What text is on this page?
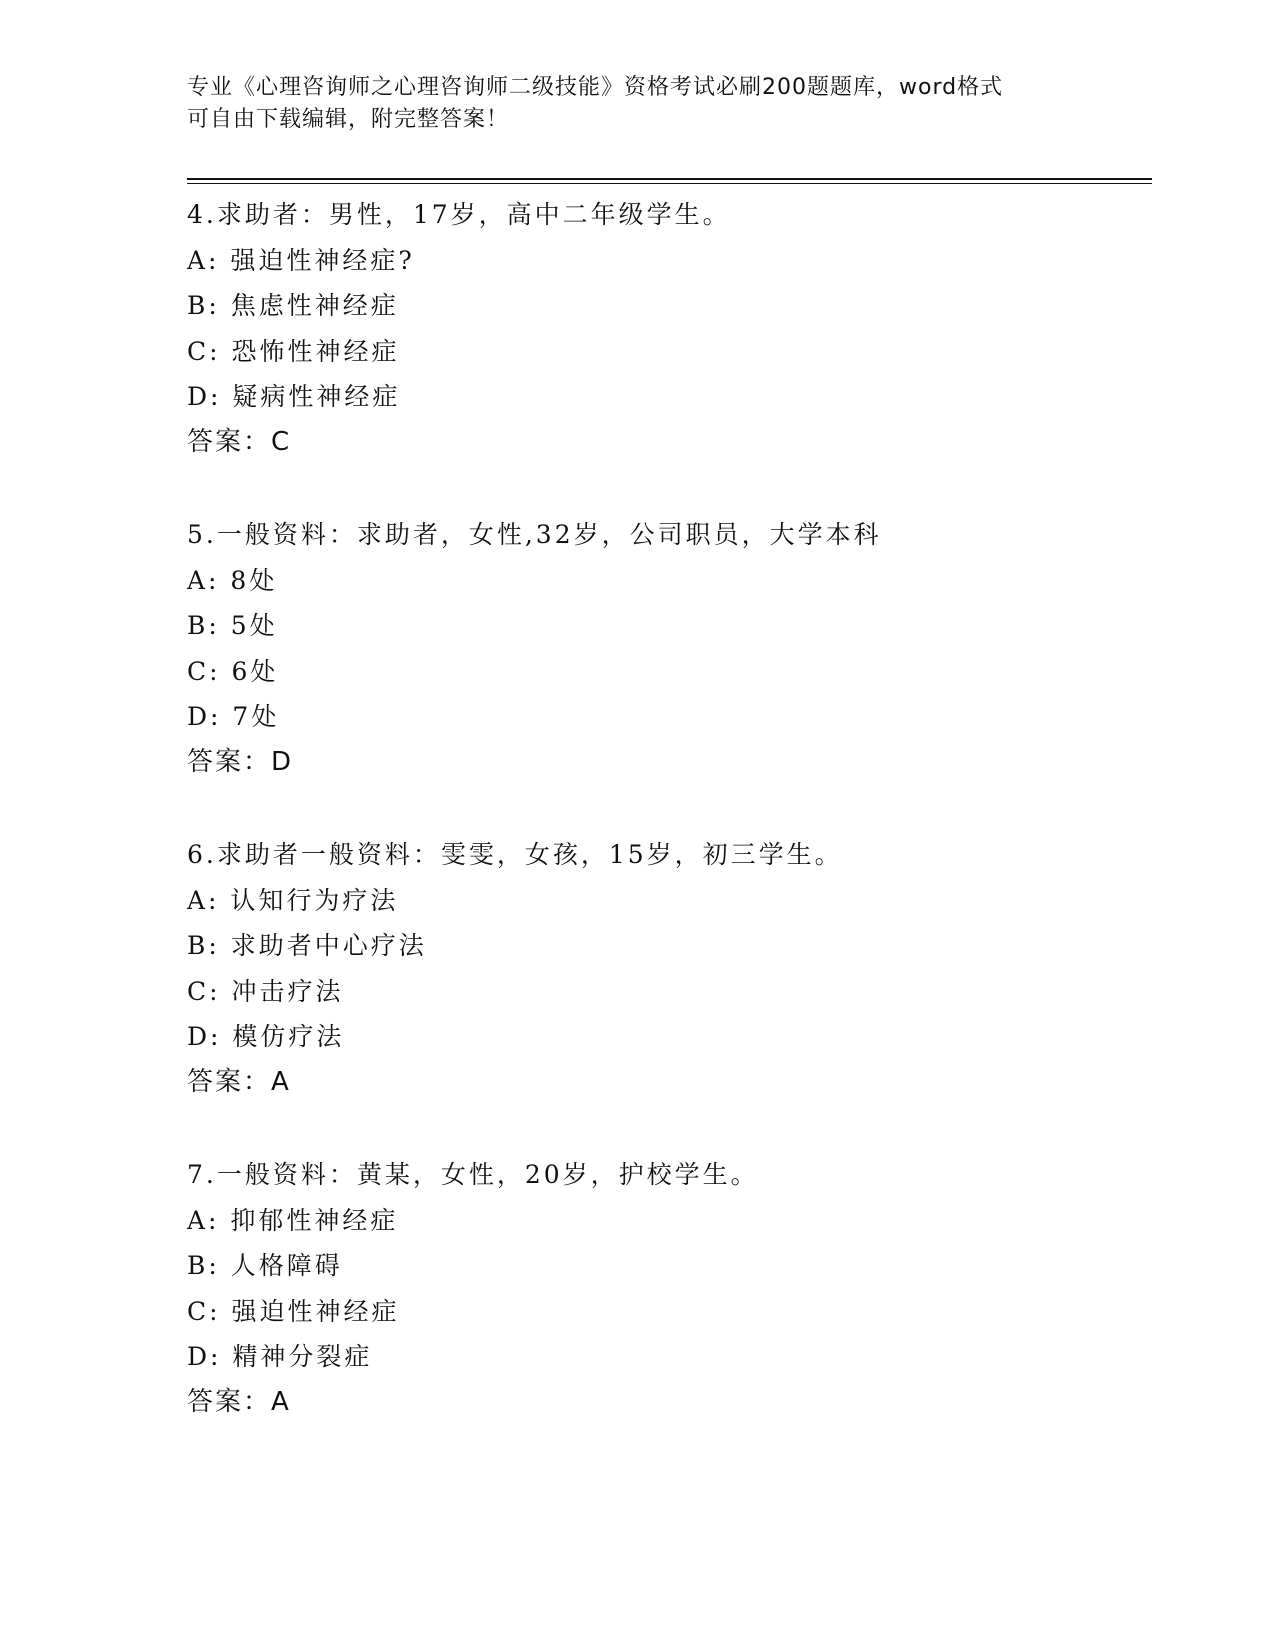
专业《心理咨询师之心理咨询师二级技能》资格考试必刷200题题库，word格式
可自由下载编辑，附完整答案！
4.求助者：男性，17岁，高中二年级学生。
A: 强迫性神经症?
B: 焦虑性神经症
C: 恐怖性神经症
D: 疑病性神经症
答案：C
5.一般资料：求助者，女性,32岁，公司职员，大学本科
A: 8处
B: 5处
C: 6处
D: 7处
答案：D
6.求助者一般资料：雯雯，女孩，15岁，初三学生。
A: 认知行为疗法
B: 求助者中心疗法
C: 冲击疗法
D: 模仿疗法
答案：A
7.一般资料：黄某，女性，20岁，护校学生。
A: 抑郁性神经症
B: 人格障碍
C: 强迫性神经症
D: 精神分裂症
答案：A
